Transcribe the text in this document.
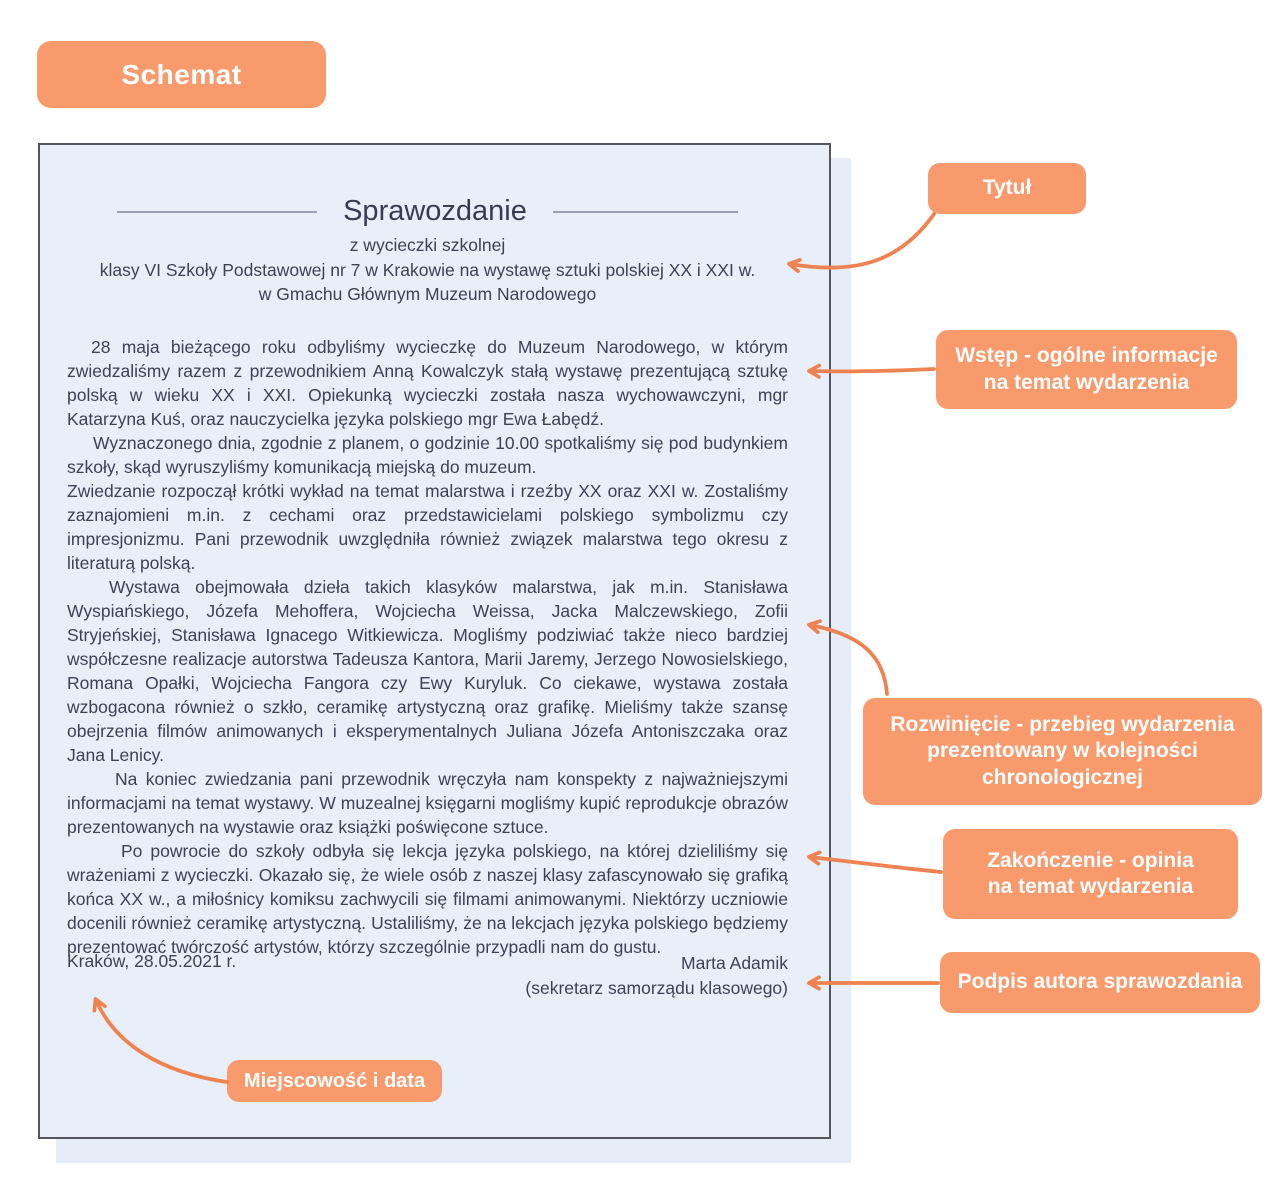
Schemat
Sprawozdanie

z wycieczki szkolnej

klasy VI Szkoły Podstawowej nr 7 w Krakowie na wystawę sztuki polskiej XX i XXI w.

w Gmachu Głównym Muzeum Narodowego

28 maja bieżącego roku odbyliśmy wycieczkę do Muzeum Narodowego, w którym zwiedzaliśmy razem z przewodnikiem Anną Kowalczyk stałą wystawę prezentującą sztukę polską w wieku XX i XXI. Opiekunką wycieczki została nasza wychowawczyni, mgr Katarzyna Kuś, oraz nauczycielka języka polskiego mgr Ewa Łabędź.

Wyznaczonego dnia, zgodnie z planem, o godzinie 10.00 spotkaliśmy się pod budynkiem szkoły, skąd wyruszyliśmy komunikacją miejską do muzeum.

Zwiedzanie rozpoczął krótki wykład na temat malarstwa i rzeźby XX oraz XXI w. Zostaliśmy zaznajomieni m.in. z cechami oraz przedstawicielami polskiego symbolizmu czy impresjonizmu. Pani przewodnik uwzględniła również związek malarstwa tego okresu z literaturą polską.

Wystawa obejmowała dzieła takich klasyków malarstwa, jak m.in. Stanisława Wyspiańskiego, Józefa Mehoffera, Wojciecha Weissa, Jacka Malczewskiego, Zofii Stryjeńskiej, Stanisława Ignacego Witkiewicza. Mogliśmy podziwiać także nieco bardziej współczesne realizacje autorstwa Tadeusza Kantora, Marii Jaremy, Jerzego Nowosielskiego, Romana Opałki, Wojciecha Fangora czy Ewy Kuryluk. Co ciekawe, wystawa została wzbogacona również o szkło, ceramikę artystyczną oraz grafikę. Mieliśmy także szansę obejrzenia filmów animowanych i eksperymentalnych Juliana Józefa Antoniszczaka oraz Jana Lenicy.

Na koniec zwiedzania pani przewodnik wręczyła nam konspekty z najważniejszymi informacjami na temat wystawy. W muzealnej księgarni mogliśmy kupić reprodukcje obrazów prezentowanych na wystawie oraz książki poświęcone sztuce.

Po powrocie do szkoły odbyła się lekcja języka polskiego, na której dzieliliśmy się wrażeniami z wycieczki. Okazało się, że wiele osób z naszej klasy zafascynowało się grafiką końca XX w., a miłośnicy komiksu zachwycili się filmami animowanymi. Niektórzy uczniowie docenili również ceramikę artystyczną. Ustaliliśmy, że na lekcjach języka polskiego będziemy prezentować twórczość artystów, którzy szczególnie przypadli nam do gustu.

Kraków, 28.05.2021 r.	Marta Adamik
(sekretarz samorządu klasowego)
Tytuł
Wstęp - ogólne informacje
na temat wydarzenia
Rozwinięcie - przebieg wydarzenia
prezentowany w kolejności
chronologicznej
Zakończenie - opinia
na temat wydarzenia
Podpis autora sprawozdania
Miejscowość i data
